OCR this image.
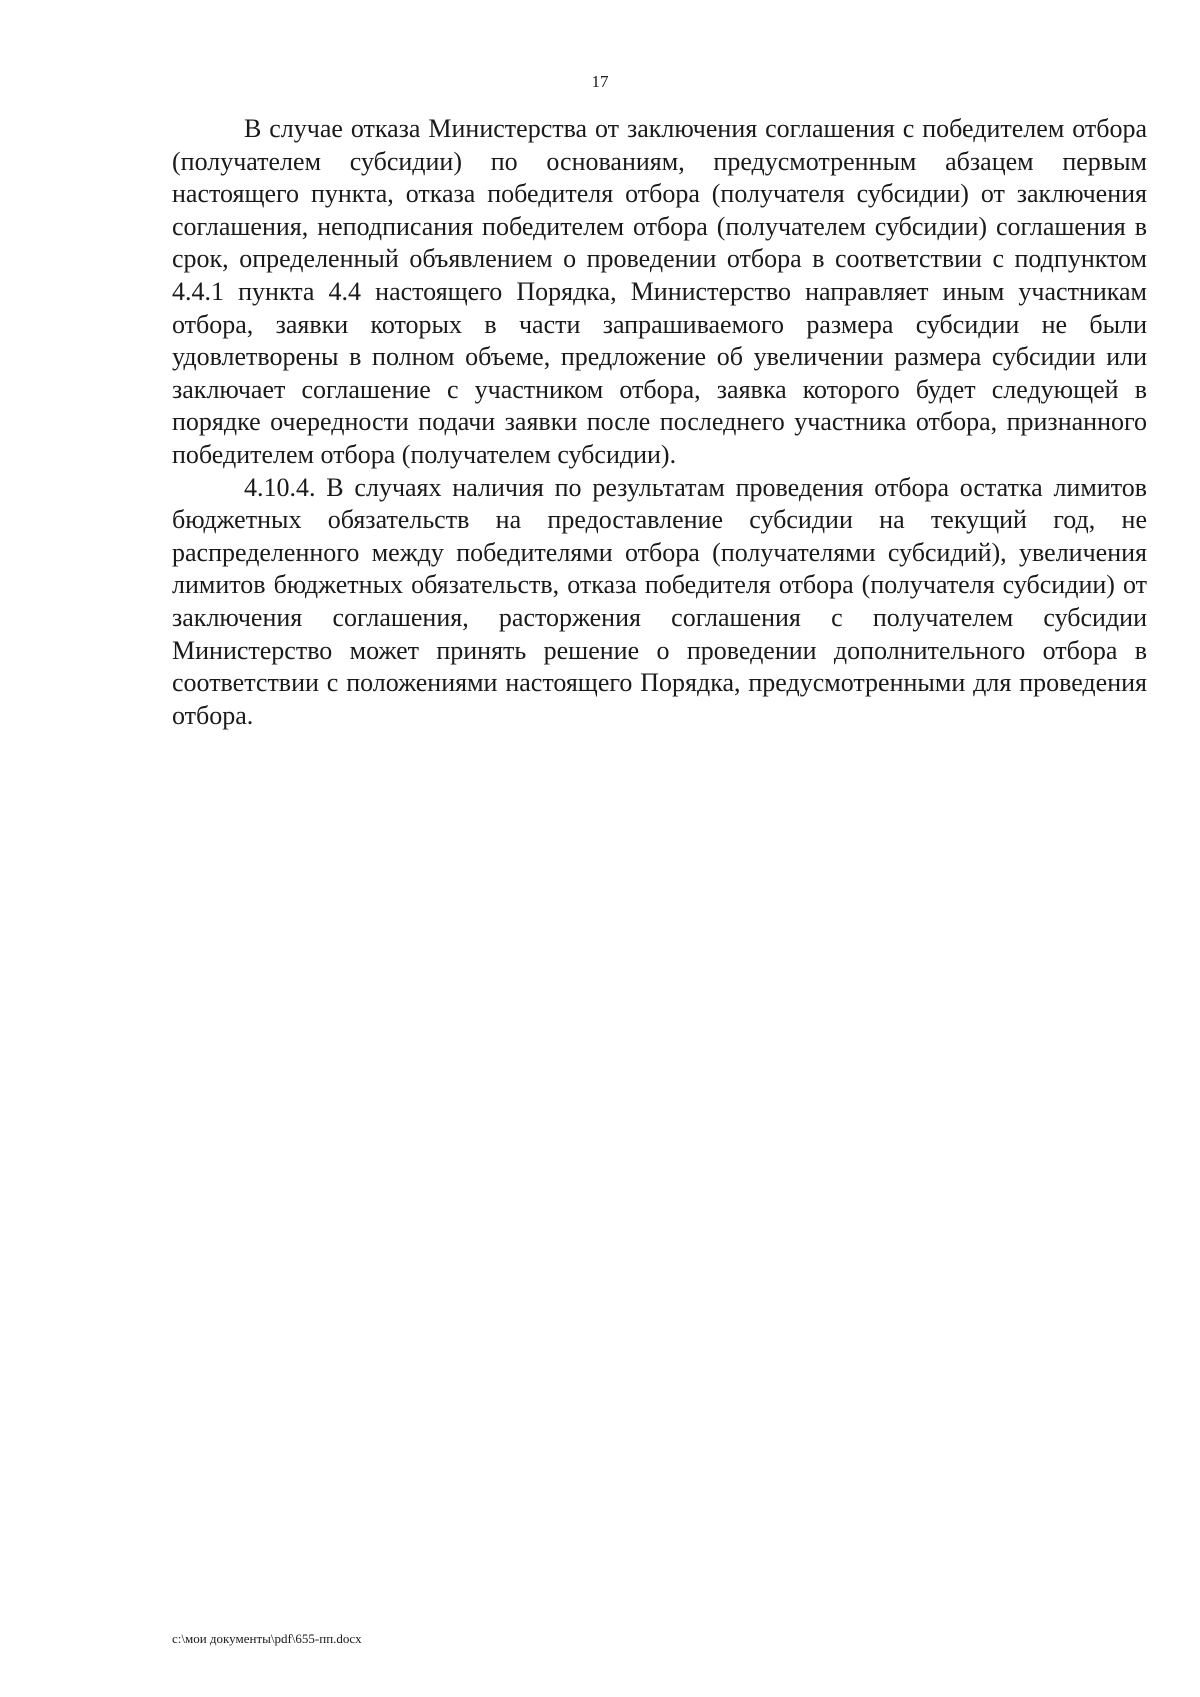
17

В случае отказа Министерства от заключения соглашения с победителем отбора (получателем субсидии) по основаниям, предусмотренным абзацем первым настоящего пункта, отказа победителя отбора (получателя субсидии) от заключения соглашения, неподписания победителем отбора (получателем субсидии) соглашения в срок, определенный объявлением о проведении отбора в соответствии с подпунктом 4.4.1 пункта 4.4 настоящего Порядка, Министерство направляет иным участникам отбора, заявки которых в части запрашиваемого размера субсидии не были удовлетворены в полном объеме, предложение об увеличении размера субсидии или заключает соглашение с участником отбора, заявка которого будет следующей в порядке очередности подачи заявки после последнего участника отбора, признанного победителем отбора (получателем субсидии).

4.10.4. В случаях наличия по результатам проведения отбора остатка лимитов бюджетных обязательств на предоставление субсидии на текущий год, не распределенного между победителями отбора (получателями субсидий), увеличения лимитов бюджетных обязательств, отказа победителя отбора (получателя субсидии) от заключения соглашения, расторжения соглашения с получателем субсидии Министерство может принять решение о проведении дополнительного отбора в соответствии с положениями настоящего Порядка, предусмотренными для проведения отбора.

c:\мои документы\pdf\655-пп.docx
